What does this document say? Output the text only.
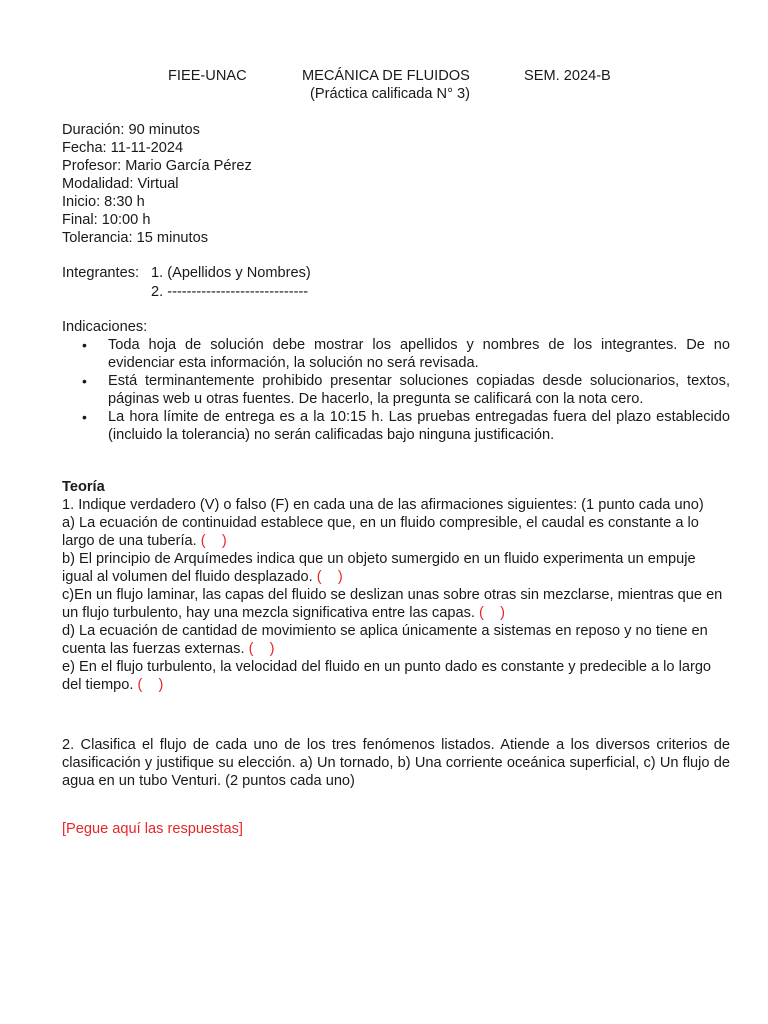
FIEE-UNAC	MECÁNICA DE FLUIDOS	SEM. 2024-B
(Práctica calificada N° 3)
Duración: 90 minutos
Fecha: 11-11-2024
Profesor: Mario García Pérez
Modalidad: Virtual
Inicio: 8:30 h
Final: 10:00 h
Tolerancia: 15 minutos
Integrantes: 1. (Apellidos y Nombres)
2. -----------------------------
Indicaciones:
• Toda hoja de solución debe mostrar los apellidos y nombres de los integrantes. De no evidenciar esta información, la solución no será revisada.
• Está terminantemente prohibido presentar soluciones copiadas desde solucionarios, textos, páginas web u otras fuentes. De hacerlo, la pregunta se calificará con la nota cero.
• La hora límite de entrega es a la 10:15 h. Las pruebas entregadas fuera del plazo establecido (incluido la tolerancia) no serán calificadas bajo ninguna justificación.

Teoría

1. Indique verdadero (V) o falso (F) en cada una de las afirmaciones siguientes: (1 punto cada uno)

a) La ecuación de continuidad establece que, en un fluido compresible, el caudal es constante a lo largo de una tubería. (    )

b) El principio de Arquímedes indica que un objeto sumergido en un fluido experimenta un empuje igual al volumen del fluido desplazado. (    )

c)En un flujo laminar, las capas del fluido se deslizan unas sobre otras sin mezclarse, mientras que en un flujo turbulento, hay una mezcla significativa entre las capas. (    )

d) La ecuación de cantidad de movimiento se aplica únicamente a sistemas en reposo y no tiene en cuenta las fuerzas externas. (    )

e) En el flujo turbulento, la velocidad del fluido en un punto dado es constante y predecible a lo largo del tiempo. (    )

2. Clasifica el flujo de cada uno de los tres fenómenos listados. Atiende a los diversos criterios de clasificación y justifique su elección. a) Un tornado, b) Una corriente oceánica superficial, c) Un flujo de agua en un tubo Venturi. (2 puntos cada uno)
[Pegue aquí las respuestas]
